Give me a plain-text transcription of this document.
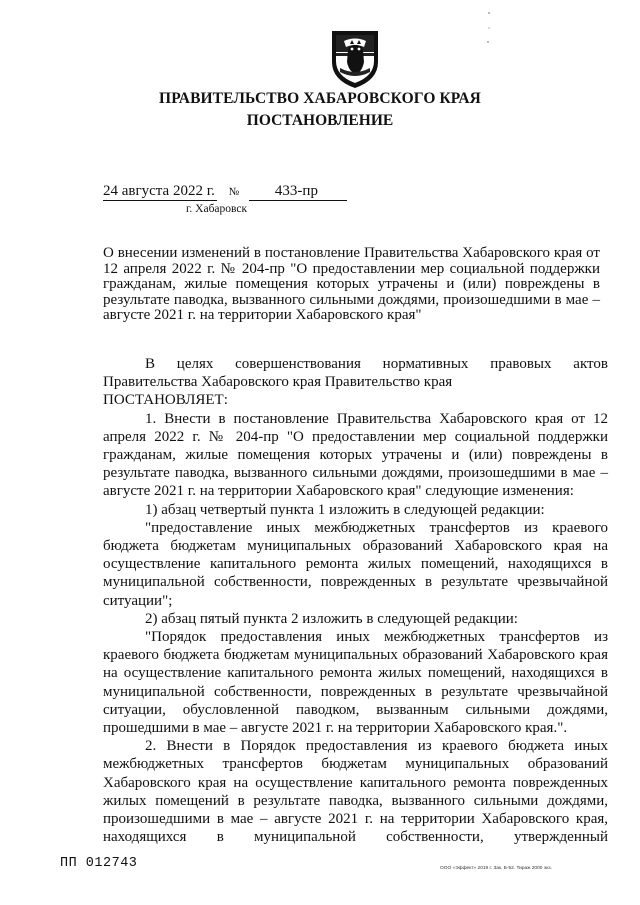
ПРАВИТЕЛЬСТВО ХАБАРОВСКОГО КРАЯ
ПОСТАНОВЛЕНИЕ
24 августа 2022 г. № 433-пр
г. Хабаровск

О внесении изменений в постановление Правительства Хабаровского края от 12 апреля 2022 г. № 204-пр "О предоставлении мер социальной поддержки гражданам, жилые помещения которых утрачены и (или) повреждены в результате паводка, вызванного сильными дождями, произошедшими в мае – августе 2021 г. на территории Хабаровского края"

В целях совершенствования нормативных правовых актов Правительства Хабаровского края Правительство края

ПОСТАНОВЛЯЕТ:

1. Внести в постановление Правительства Хабаровского края от 12 апреля 2022 г. № 204-пр "О предоставлении мер социальной поддержки гражданам, жилые помещения которых утрачены и (или) повреждены в результате паводка, вызванного сильными дождями, произошедшими в мае – августе 2021 г. на территории Хабаровского края" следующие изменения:

1) абзац четвертый пункта 1 изложить в следующей редакции:

"предоставление иных межбюджетных трансфертов из краевого бюджета бюджетам муниципальных образований Хабаровского края на осуществление капитального ремонта жилых помещений, находящихся в муниципальной собственности, поврежденных в результате чрезвычайной ситуации";

2) абзац пятый пункта 2 изложить в следующей редакции:

"Порядок предоставления иных межбюджетных трансфертов из краевого бюджета бюджетам муниципальных образований Хабаровского края на осуществление капитального ремонта жилых помещений, находящихся в муниципальной собственности, поврежденных в результате чрезвычайной ситуации, обусловленной паводком, вызванным сильными дождями, прошедшими в мае – августе 2021 г. на территории Хабаровского края.".

2. Внести в Порядок предоставления из краевого бюджета иных межбюджетных трансфертов бюджетам муниципальных образований Хабаровского края на осуществление капитального ремонта поврежденных жилых помещений в результате паводка, вызванного сильными дождями, произошедшими в мае – августе 2021 г. на территории Хабаровского края, находящихся в муниципальной собственности, утвержденный

ПП 012743	ООО «Эффект» 2019 г. Зак. Б-52. Тираж 2000 экз.
